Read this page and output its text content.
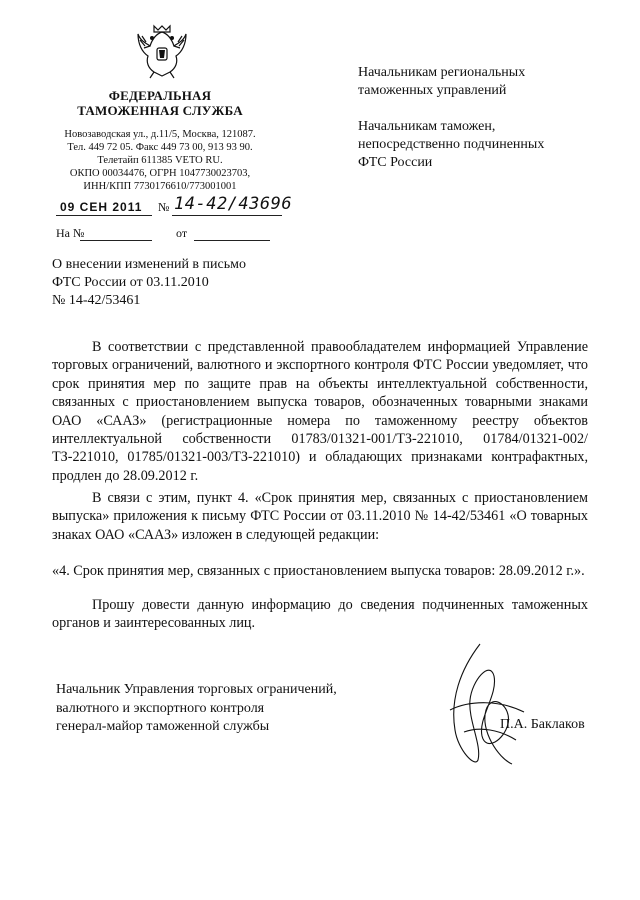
ФЕДЕРАЛЬНАЯ
ТАМОЖЕННАЯ СЛУЖБА
Новозаводская ул., д.11/5, Москва, 121087.
Тел. 449 72 05. Факс 449 73 00, 913 93 90.
Телетайп 611385 VETO RU.
ОКПО 00034476, ОГРН 1047730023703,
ИНН/КПП 7730176610/773001001
09 СЕН 2011 № 14-42/43696
На №	от
Начальникам региональных
таможенных управлений
Начальникам таможен,
непосредственно подчиненных
ФТС России
О внесении изменений в письмо
ФТС России от 03.11.2010
№ 14-42/53461
В соответствии с представленной правообладателем информацией Управление торговых ограничений, валютного и экспортного контроля ФТС России уведомляет, что срок принятия мер по защите прав на объекты интеллектуальной собственности, связанных с приостановлением выпуска товаров, обозначенных товарными знаками ОАО «СААЗ» (регистрационные номера по таможенному реестру объектов интеллектуальной собственности 01783/01321-001/ТЗ-221010, 01784/01321-002/ТЗ-221010, 01785/01321-003/ТЗ-221010) и обладающих признаками контрафактных, продлен до 28.09.2012 г.
В связи с этим, пункт 4. «Срок принятия мер, связанных с приостановлением выпуска» приложения к письму ФТС России от 03.11.2010 № 14-42/53461 «О товарных знаках ОАО «СААЗ» изложен в следующей редакции:
«4. Срок принятия мер, связанных с приостановлением выпуска товаров: 28.09.2012 г.».
Прошу довести данную информацию до сведения подчиненных таможенных органов и заинтересованных лиц.
Начальник Управления торговых ограничений,
валютного и экспортного контроля
генерал-майор таможенной службы	П.А. Баклаков
